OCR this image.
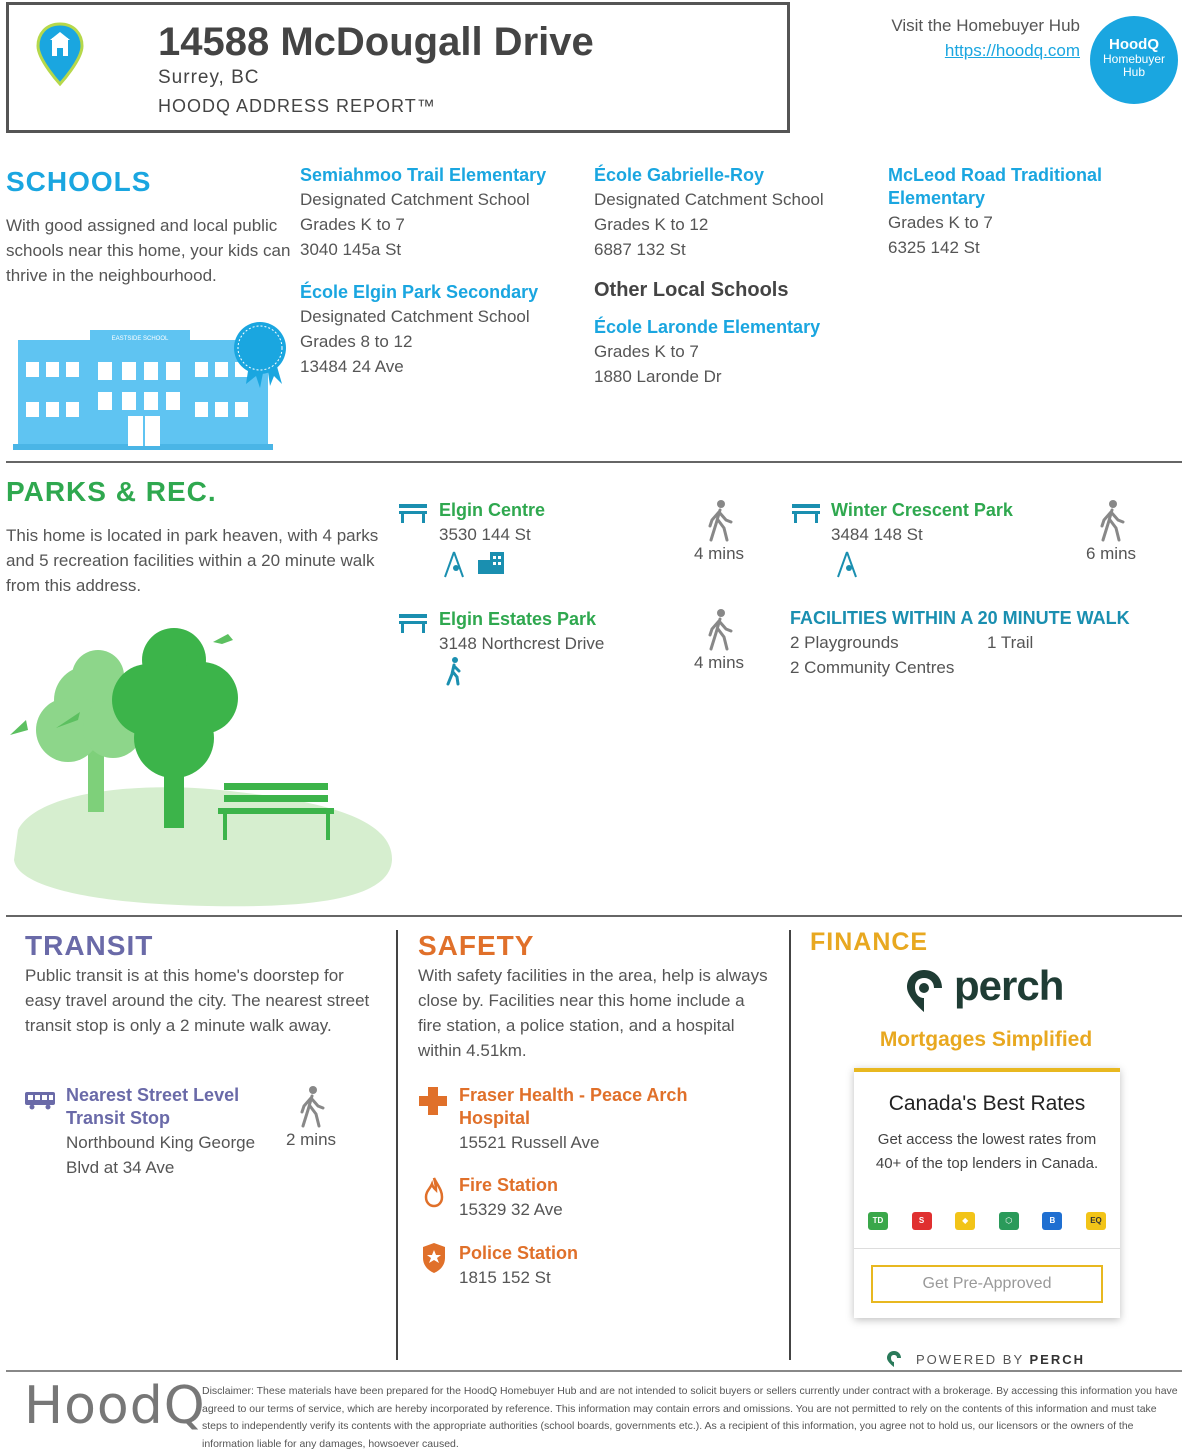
14588 McDougall Drive
Surrey, BC
HOODQ ADDRESS REPORT™
Visit the Homebuyer Hub
https://hoodq.com	HoodQ
Homebuyer
Hub
SCHOOLS
With good assigned and local public schools near this home, your kids can thrive in the neighbourhood.
EASTSIDE SCHOOL
Semiahmoo Trail Elementary
Designated Catchment School
Grades K to 7
3040 145a St
École Gabrielle-Roy
Designated Catchment School
Grades K to 12
6887 132 St
McLeod Road Traditional Elementary
Grades K to 7
6325 142 St
École Elgin Park Secondary
Designated Catchment School
Grades 8 to 12
13484 24 Ave
Other Local Schools
École Laronde Elementary
Grades K to 7
1880 Laronde Dr
PARKS & REC.
This home is located in park heaven, with 4 parks and 5 recreation facilities within a 20 minute walk from this address.
Elgin Centre
3530 144 St
4 mins
Winter Crescent Park
3484 148 St
6 mins
Elgin Estates Park
3148 Northcrest Drive
4 mins
FACILITIES WITHIN A 20 MINUTE WALK
2 Playgrounds	1 Trail
2 Community Centres
TRANSIT
Public transit is at this home's doorstep for easy travel around the city. The nearest street transit stop is only a 2 minute walk away.
Nearest Street Level Transit Stop
Northbound King George Blvd at 34 Ave
2 mins
SAFETY
With safety facilities in the area, help is always close by. Facilities near this home include a fire station, a police station, and a hospital within 4.51km.
Fraser Health - Peace Arch Hospital
15521 Russell Ave
Fire Station
15329 32 Ave
Police Station
1815 152 St
FINANCE
perch
Mortgages Simplified
Canada's Best Rates
Get access the lowest rates from 40+ of the top lenders in Canada.
TD	S	◆	⬡	B	EQ
Get Pre-Approved
POWERED BY PERCH
HoodQ
Disclaimer: These materials have been prepared for the HoodQ Homebuyer Hub and are not intended to solicit buyers or sellers currently under contract with a brokerage. By accessing this information you have agreed to our terms of service, which are hereby incorporated by reference. This information may contain errors and omissions. You are not permitted to rely on the contents of this information and must take steps to independently verify its contents with the appropriate authorities (school boards, governments etc.). As a recipient of this information, you agree not to hold us, our licensors or the owners of the information liable for any damages, howsoever caused.
